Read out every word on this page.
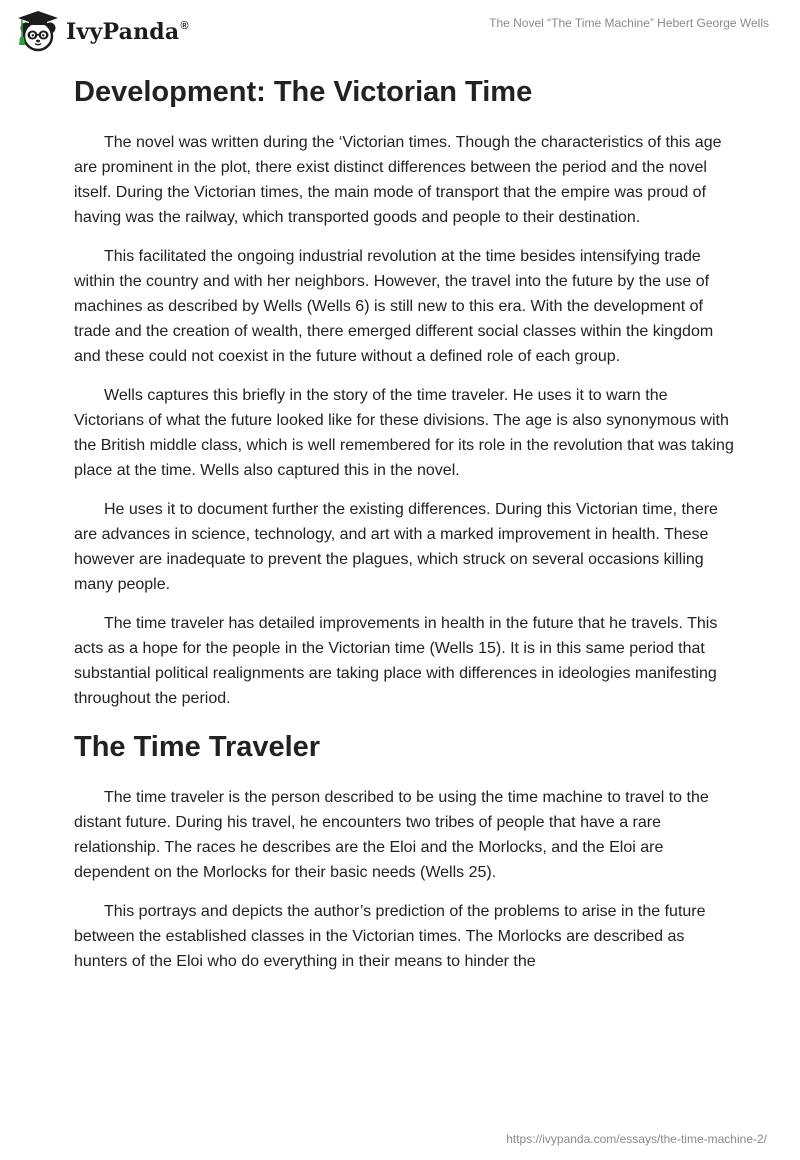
IvyPanda®	The Novel “The Time Machine” Hebert George Wells
Development: The Victorian Time

The novel was written during the ‘Victorian times. Though the characteristics of this age are prominent in the plot, there exist distinct differences between the period and the novel itself. During the Victorian times, the main mode of transport that the empire was proud of having was the railway, which transported goods and people to their destination.

This facilitated the ongoing industrial revolution at the time besides intensifying trade within the country and with her neighbors. However, the travel into the future by the use of machines as described by Wells (Wells 6) is still new to this era. With the development of trade and the creation of wealth, there emerged different social classes within the kingdom and these could not coexist in the future without a defined role of each group.

Wells captures this briefly in the story of the time traveler. He uses it to warn the Victorians of what the future looked like for these divisions. The age is also synonymous with the British middle class, which is well remembered for its role in the revolution that was taking place at the time. Wells also captured this in the novel.

He uses it to document further the existing differences. During this Victorian time, there are advances in science, technology, and art with a marked improvement in health. These however are inadequate to prevent the plagues, which struck on several occasions killing many people.

The time traveler has detailed improvements in health in the future that he travels. This acts as a hope for the people in the Victorian time (Wells 15). It is in this same period that substantial political realignments are taking place with differences in ideologies manifesting throughout the period.

The Time Traveler

The time traveler is the person described to be using the time machine to travel to the distant future. During his travel, he encounters two tribes of people that have a rare relationship. The races he describes are the Eloi and the Morlocks, and the Eloi are dependent on the Morlocks for their basic needs (Wells 25).

This portrays and depicts the author’s prediction of the problems to arise in the future between the established classes in the Victorian times. The Morlocks are described as hunters of the Eloi who do everything in their means to hinder the

https://ivypanda.com/essays/the-time-machine-2/
